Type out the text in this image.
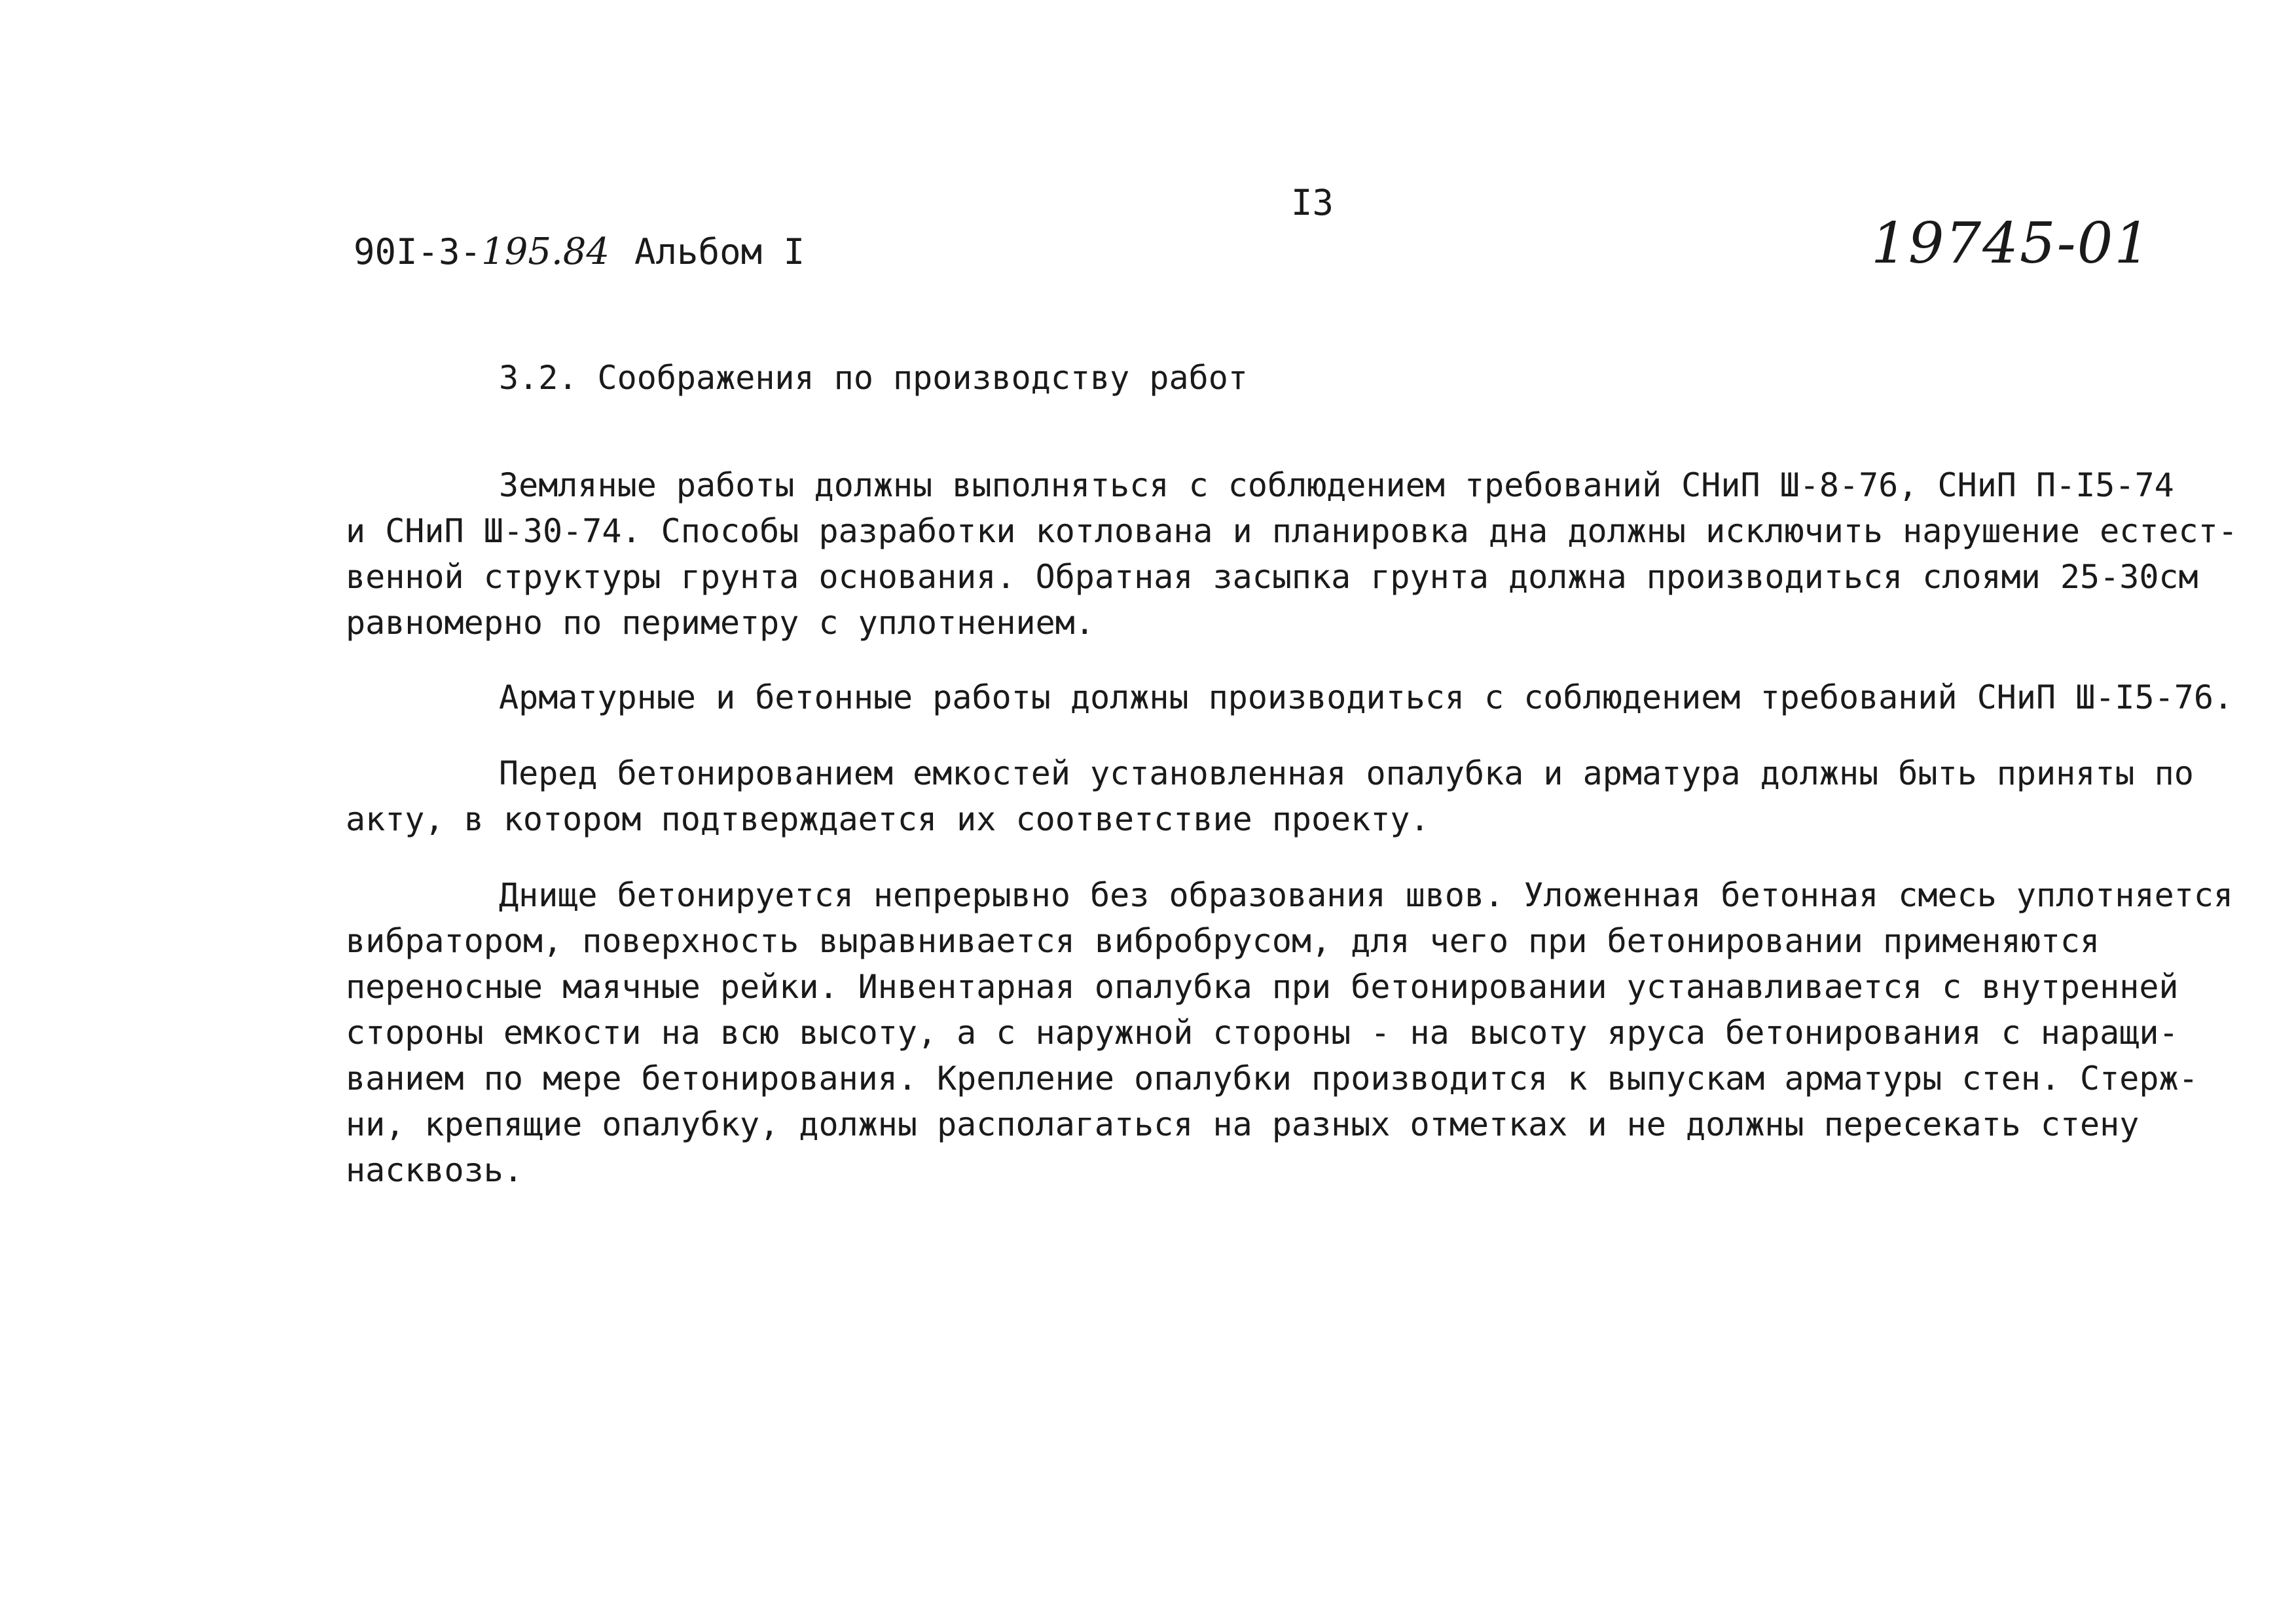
I3
90I-3-195.84 Альбом I	19745-01
3.2. Соображения по производству работ
Земляные работы должны выполняться с соблюдением требований СНиП Ш-8-76, СНиП П-I5-74
и СНиП Ш-30-74. Способы разработки котлована и планировка дна должны исключить нарушение естест-
венной структуры грунта основания. Обратная засыпка грунта должна производиться слоями 25-30см
равномерно по периметру с уплотнением.
Арматурные и бетонные работы должны производиться с соблюдением требований СНиП Ш-I5-76.
Перед бетонированием емкостей установленная опалубка и арматура должны быть приняты по
акту, в котором подтверждается их соответствие проекту.
Днище бетонируется непрерывно без образования швов. Уложенная бетонная смесь уплотняется
вибратором, поверхность выравнивается вибробрусом, для чего при бетонировании применяются
переносные маячные рейки. Инвентарная опалубка при бетонировании устанавливается с внутренней
стороны емкости на всю высоту, а с наружной стороны - на высоту яруса бетонирования с наращи-
ванием по мере бетонирования. Крепление опалубки производится к выпускам арматуры стен. Стерж-
ни, крепящие опалубку, должны располагаться на разных отметках и не должны пересекать стену
насквозь.
